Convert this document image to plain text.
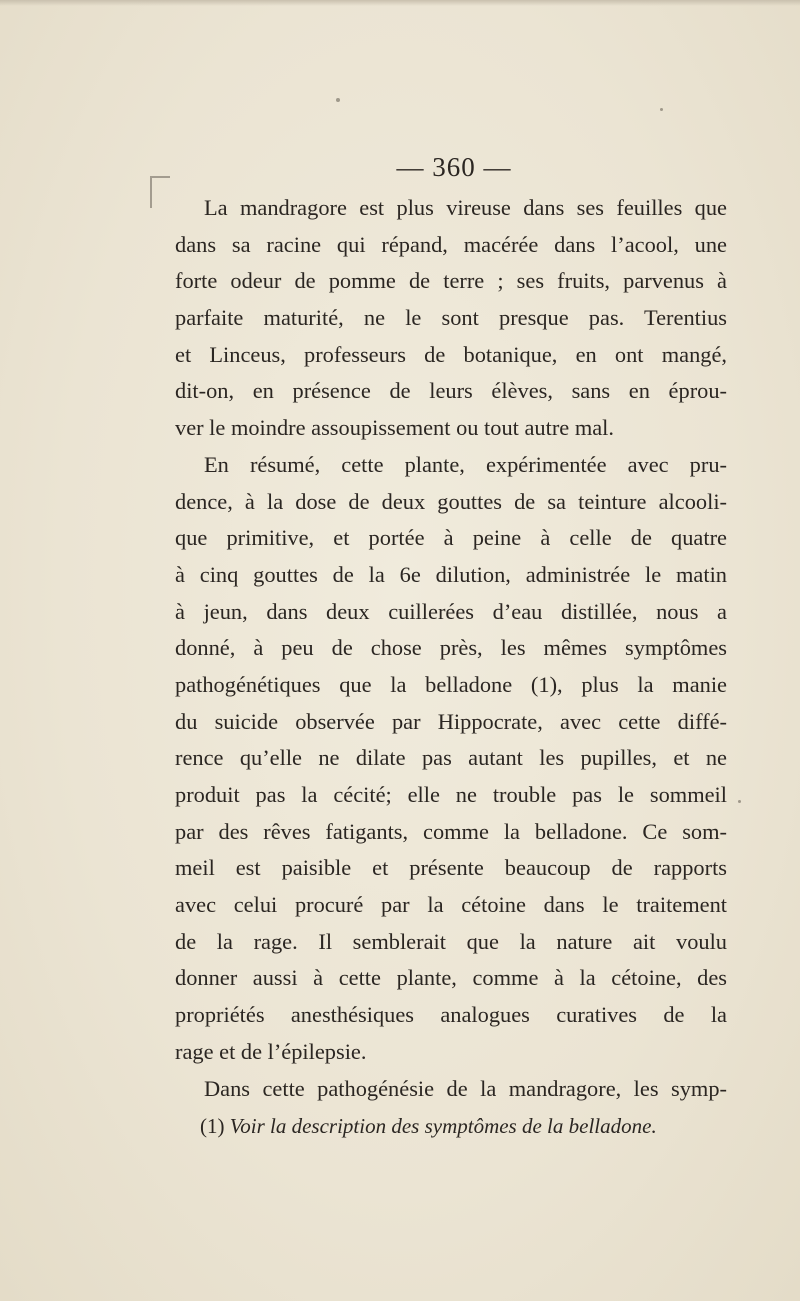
— 360 —
La mandragore est plus vireuse dans ses feuilles que
dans sa racine qui répand, macérée dans l’acool, une
forte odeur de pomme de terre ; ses fruits, parvenus à
parfaite maturité, ne le sont presque pas. Terentius
et Linceus, professeurs de botanique, en ont mangé,
dit-on, en présence de leurs élèves, sans en éprou-
ver le moindre assoupissement ou tout autre mal.
En résumé, cette plante, expérimentée avec pru-
dence, à la dose de deux gouttes de sa teinture alcooli-
que primitive, et portée à peine à celle de quatre
à cinq gouttes de la 6e dilution, administrée le matin
à jeun, dans deux cuillerées d’eau distillée, nous a
donné, à peu de chose près, les mêmes symptômes
pathogénétiques que la belladone (1), plus la manie
du suicide observée par Hippocrate, avec cette diffé-
rence qu’elle ne dilate pas autant les pupilles, et ne
produit pas la cécité; elle ne trouble pas le sommeil
par des rêves fatigants, comme la belladone. Ce som-
meil est paisible et présente beaucoup de rapports
avec celui procuré par la cétoine dans le traitement
de la rage. Il semblerait que la nature ait voulu
donner aussi à cette plante, comme à la cétoine, des
propriétés anesthésiques analogues curatives de la
rage et de l’épilepsie.
Dans cette pathogénésie de la mandragore, les symp-
(1) Voir la description des symptômes de la belladone.
